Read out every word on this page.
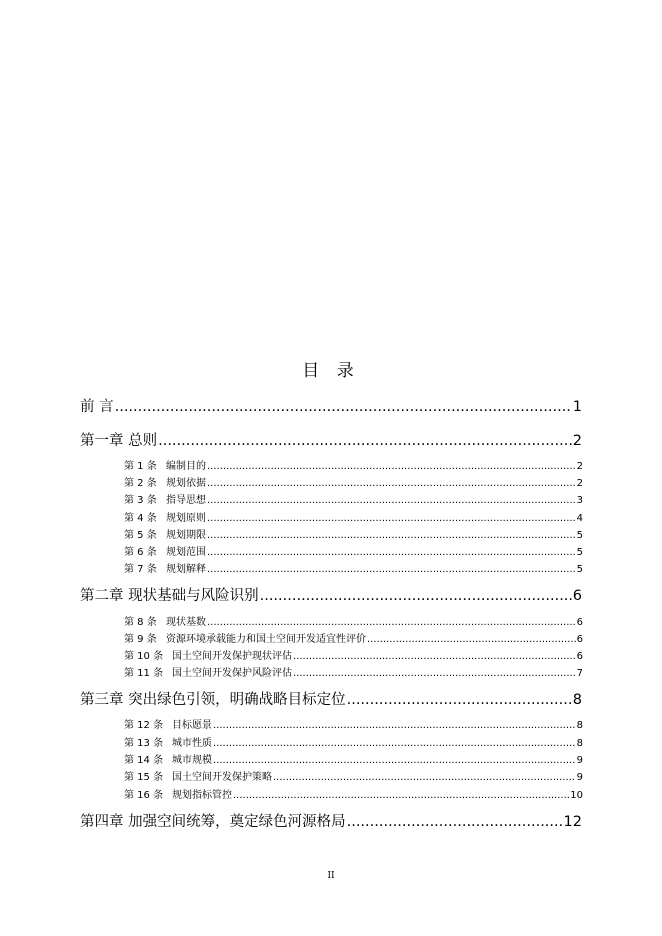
目 录
前 言 .....	1
第一章 总则 .....	2
第 1 条 编制目的 .....	2
第 2 条 规划依据 .....	2
第 3 条 指导思想 .....	3
第 4 条 规划原则 .....	4
第 5 条 规划期限 .....	5
第 6 条 规划范围 .....	5
第 7 条 规划解释 .....	5
第二章 现状基础与风险识别 .....	6
第 8 条 现状基数 .....	6
第 9 条 资源环境承载能力和国土空间开发适宜性评价 .....	6
第 10 条 国土空间开发保护现状评估 .....	6
第 11 条 国土空间开发保护风险评估 .....	7
第三章 突出绿色引领，明确战略目标定位 .....	8
第 12 条 目标愿景 .....	8
第 13 条 城市性质 .....	8
第 14 条 城市规模 .....	9
第 15 条 国土空间开发保护策略 .....	9
第 16 条 规划指标管控 .....	10
第四章 加强空间统筹，奠定绿色河源格局 .....	12
II
